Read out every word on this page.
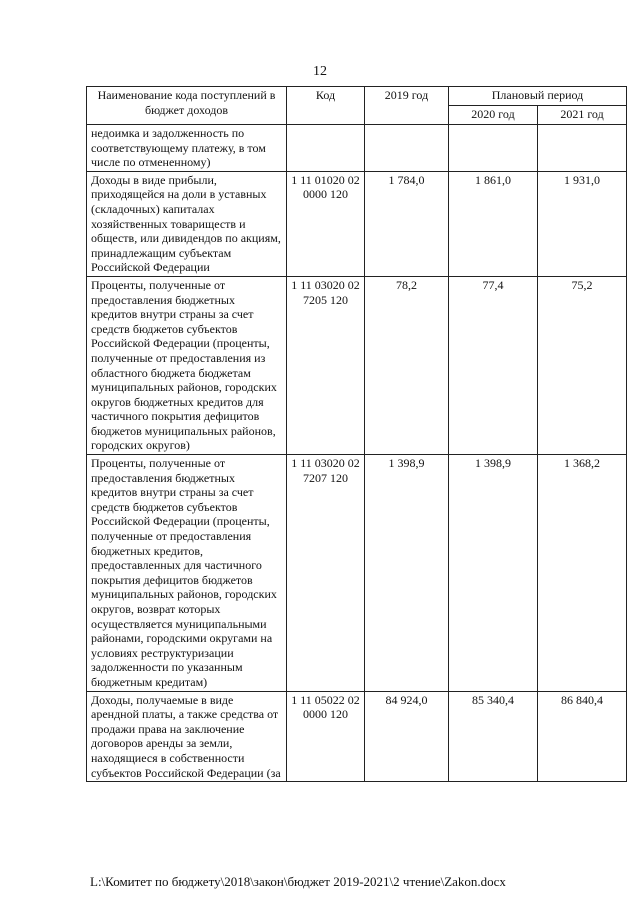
12
Наименование кода поступлений в бюджет доходов	Код	2019 год	Плановый период	
			2020 год	2021 год
недоимка и задолженность по соответствующему платежу, в том числе по отмененному)				
Доходы в виде прибыли, приходящейся на доли в уставных (складочных) капиталах хозяйственных товариществ и обществ, или дивидендов по акциям, принадлежащим субъектам Российской Федерации	1 11 01020 02 0000 120	1 784,0	1 861,0	1 931,0
Проценты, полученные от предоставления бюджетных кредитов внутри страны за счет средств бюджетов субъектов Российской Федерации (проценты, полученные от предоставления из областного бюджета бюджетам муниципальных районов, городских округов бюджетных кредитов для частичного покрытия дефицитов бюджетов муниципальных районов, городских округов)	1 11 03020 02 7205 120	78,2	77,4	75,2
Проценты, полученные от предоставления бюджетных кредитов внутри страны за счет средств бюджетов субъектов Российской Федерации (проценты, полученные от предоставления бюджетных кредитов, предоставленных для частичного покрытия дефицитов бюджетов муниципальных районов, городских округов, возврат которых осуществляется муниципальными районами, городскими округами на условиях реструктуризации задолженности по указанным бюджетным кредитам)	1 11 03020 02 7207 120	1 398,9	1 398,9	1 368,2
Доходы, получаемые в виде арендной платы, а также средства от продажи права на заключение договоров аренды за земли, находящиеся в собственности субъектов Российской Федерации (за	1 11 05022 02 0000 120	84 924,0	85 340,4	86 840,4
L:\Комитет по бюджету\2018\закон\бюджет 2019-2021\2 чтение\Zakon.docx
